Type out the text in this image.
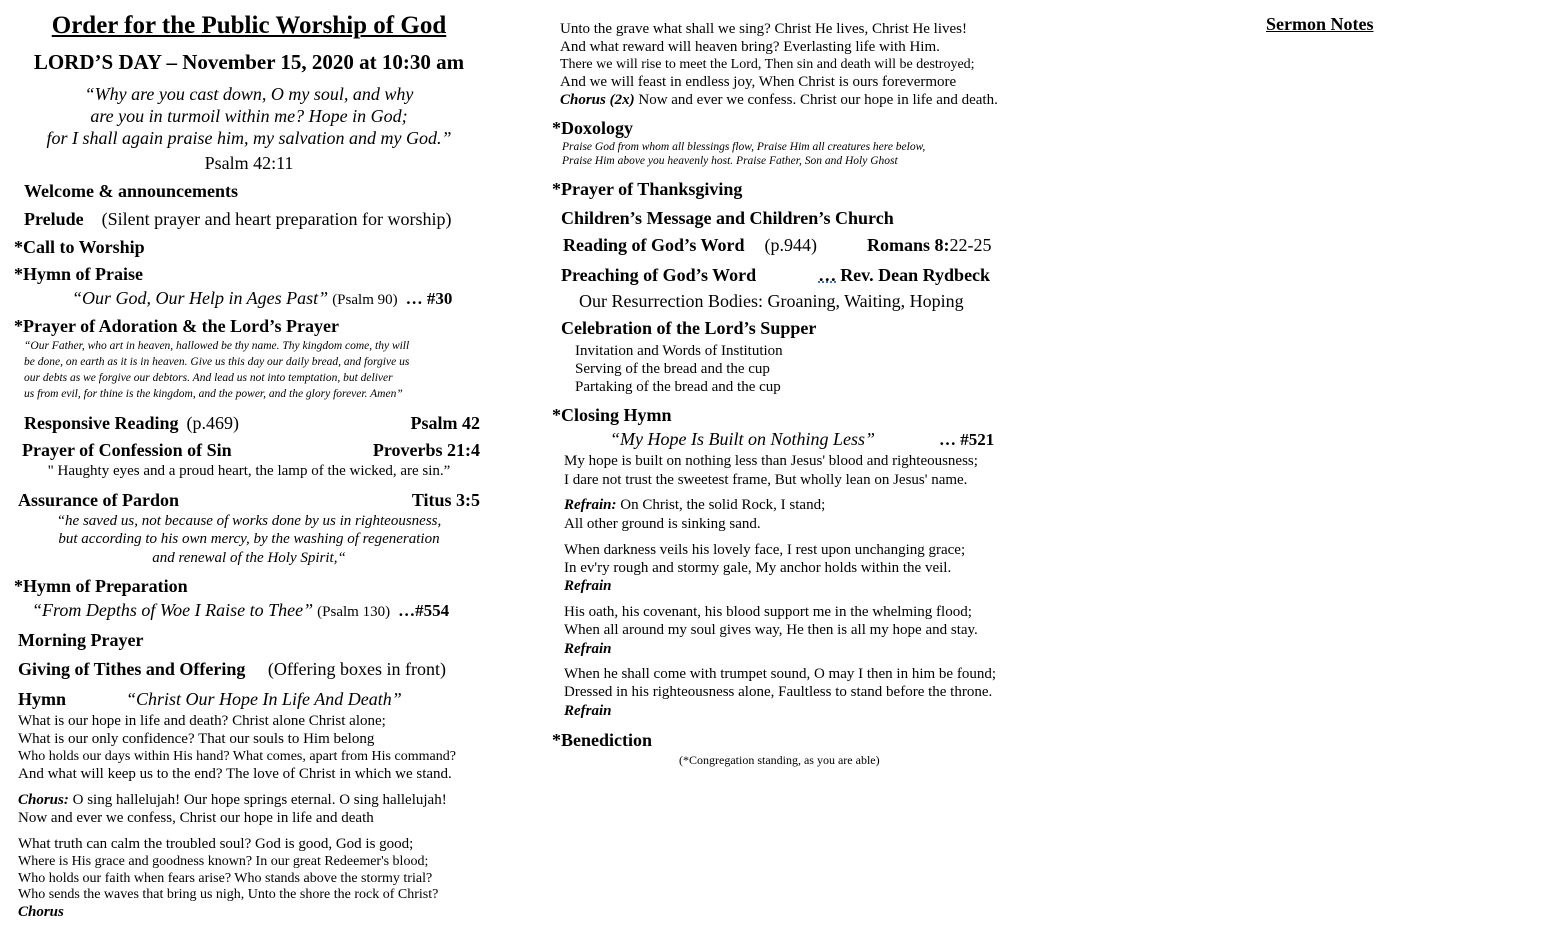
Order for the Public Worship of God
LORD’S DAY – November 15, 2020 at 10:30 am
“Why are you cast down, O my soul, and why
are you in turmoil within me? Hope in God;
for I shall again praise him, my salvation and my God.”
Psalm 42:11
Welcome & announcements
Prelude (Silent prayer and heart preparation for worship)
*Call to Worship
*Hymn of Praise
“Our God, Our Help in Ages Past” (Psalm 90) … #30
*Prayer of Adoration & the Lord’s Prayer
“Our Father, who art in heaven, hallowed be thy name. Thy kingdom come, thy will
be done, on earth as it is in heaven. Give us this day our daily bread, and forgive us
our debts as we forgive our debtors. And lead us not into temptation, but deliver
us from evil, for thine is the kingdom, and the power, and the glory forever. Amen”
Responsive Reading (p.469)	Psalm 42
Prayer of Confession of Sin	Proverbs 21:4
" Haughty eyes and a proud heart, the lamp of the wicked, are sin.”
Assurance of Pardon	Titus 3:5
“he saved us, not because of works done by us in righteousness,
but according to his own mercy, by the washing of regeneration
and renewal of the Holy Spirit,“
*Hymn of Preparation
“From Depths of Woe I Raise to Thee” (Psalm 130) …#554
Morning Prayer
Giving of Tithes and Offering (Offering boxes in front)
Hymn	“Christ Our Hope In Life And Death”
What is our hope in life and death? Christ alone Christ alone;
What is our only confidence? That our souls to Him belong
Who holds our days within His hand? What comes, apart from His command?
And what will keep us to the end? The love of Christ in which we stand.
Chorus: O sing hallelujah! Our hope springs eternal. O sing hallelujah!
Now and ever we confess, Christ our hope in life and death
What truth can calm the troubled soul? God is good, God is good;
Where is His grace and goodness known? In our great Redeemer's blood;
Who holds our faith when fears arise? Who stands above the stormy trial?
Who sends the waves that bring us nigh, Unto the shore the rock of Christ?
Chorus
Unto the grave what shall we sing? Christ He lives, Christ He lives!
And what reward will heaven bring? Everlasting life with Him.
There we will rise to meet the Lord, Then sin and death will be destroyed;
And we will feast in endless joy, When Christ is ours forevermore
Chorus (2x) Now and ever we confess. Christ our hope in life and death.
*Doxology
Praise God from whom all blessings flow, Praise Him all creatures here below,
Praise Him above you heavenly host. Praise Father, Son and Holy Ghost
*Prayer of Thanksgiving
Children’s Message and Children’s Church
Reading of God’s Word (p.944)	Romans 8:22-25
Preaching of God’s Word	… Rev. Dean Rydbeck
Our Resurrection Bodies: Groaning, Waiting, Hoping
Celebration of the Lord’s Supper
Invitation and Words of Institution
Serving of the bread and the cup
Partaking of the bread and the cup
*Closing Hymn
“My Hope Is Built on Nothing Less”	… #521
My hope is built on nothing less than Jesus' blood and righteousness;
I dare not trust the sweetest frame, But wholly lean on Jesus' name.
Refrain: On Christ, the solid Rock, I stand;
All other ground is sinking sand.
When darkness veils his lovely face, I rest upon unchanging grace;
In ev'ry rough and stormy gale, My anchor holds within the veil.
Refrain
His oath, his covenant, his blood support me in the whelming flood;
When all around my soul gives way, He then is all my hope and stay.
Refrain
When he shall come with trumpet sound, O may I then in him be found;
Dressed in his righteousness alone, Faultless to stand before the throne.
Refrain
*Benediction
(*Congregation standing, as you are able)
Sermon Notes
